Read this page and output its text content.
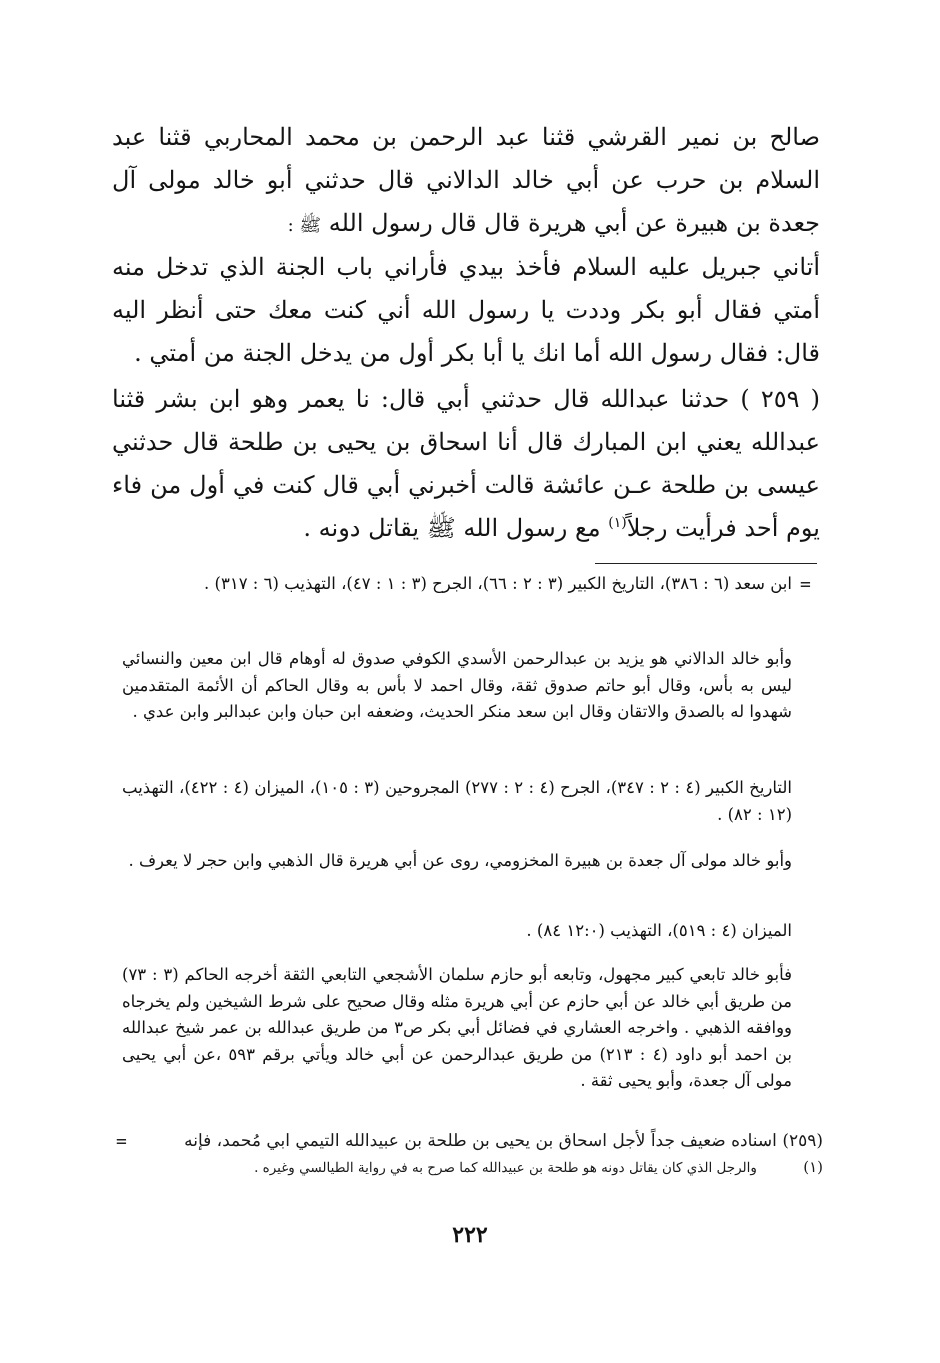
صالح بن نمير القرشي قثنا عبد الرحمن بن محمد المحاربي قثنا عبد السلام بن حرب عن أبي خالد الدالاني قال حدثني أبو خالد مولى آل جعدة بن هبيرة عن أبي هريرة قال قال رسول الله ﷺ :

أتاني جبريل عليه السلام فأخذ بيدي فأراني باب الجنة الذي تدخل منه أمتي فقال أبو بكر وددت يا رسول الله أني كنت معك حتى أنظر اليه قال: فقال رسول الله أما انك يا أبا بكر أول من يدخل الجنة من أمتي .

( ٢٥٩ ) حدثنا عبدالله قال حدثني أبي قال: نا يعمر وهو ابن بشر قثنا عبدالله يعني ابن المبارك قال أنا اسحاق بن يحيى بن طلحة قال حدثني عيسى بن طلحة عـن عائشة قالت أخبرني أبي قال كنت في أول من فاء يوم أحد فرأيت رجلاً$^{(١)}$ مع رسول الله ﷺ يقاتل دونه .

=
ابن سعد (٦ : ٣٨٦)، التاريخ الكبير (٣ : ٢ : ٦٦)، الجرح (٣ : ١ : ٤٧)، التهذيب (٦ : ٣١٧) .
وأبو خالد الدالاني هو يزيد بن عبدالرحمن الأسدي الكوفي صدوق له أوهام قال ابن معين والنسائي ليس به بأس، وقال أبو حاتم صدوق ثقة، وقال احمد لا بأس به وقال الحاكم أن الأئمة المتقدمين شهدوا له بالصدق والاتقان وقال ابن سعد منكر الحديث، وضعفه ابن حبان وابن عبدالبر وابن عدي .
التاريخ الكبير (٤ : ٢ : ٣٤٧)، الجرح (٤ : ٢ : ٢٧٧) المجروحين (٣ : ١٠٥)، الميزان (٤ : ٤٢٢)، التهذيب (١٢ : ٨٢) .
وأبو خالد مولى آل جعدة بن هبيرة المخزومي، روى عن أبي هريرة قال الذهبي وابن حجر لا يعرف .
الميزان (٤ : ٥١٩)، التهذيب (١٢:٠ ٨٤) .
فأبو خالد تابعي كبير مجهول، وتابعه أبو حازم سلمان الأشجعي التابعي الثقة أخرجه الحاكم (٣ : ٧٣) من طريق أبي خالد عن أبي حازم عن أبي هريرة مثله وقال صحيح على شرط الشيخين ولم يخرجاه ووافقه الذهبي . واخرجه العشاري في فضائل أبي بكر ص٣ من طريق عبدالله بن عمر شيخ عبدالله بن احمد أبو داود (٤ : ٢١٣) من طريق عبدالرحمن عن أبي خالد ويأتي برقم ٥٩٣ ،عن أبي يحيى مولى آل جعدة، وأبو يحيى ثقة .
(٢٥٩) اسناده ضعيف جداً لأجل اسحاق بن يحيى بن طلحة بن عبيدالله التيمي ابي مُحمد، فإنه
=
(١) والرجل الذي كان يقاتل دونه هو طلحة بن عبيدالله كما صرح به في رواية الطيالسي وغيره .
٢٢٢
